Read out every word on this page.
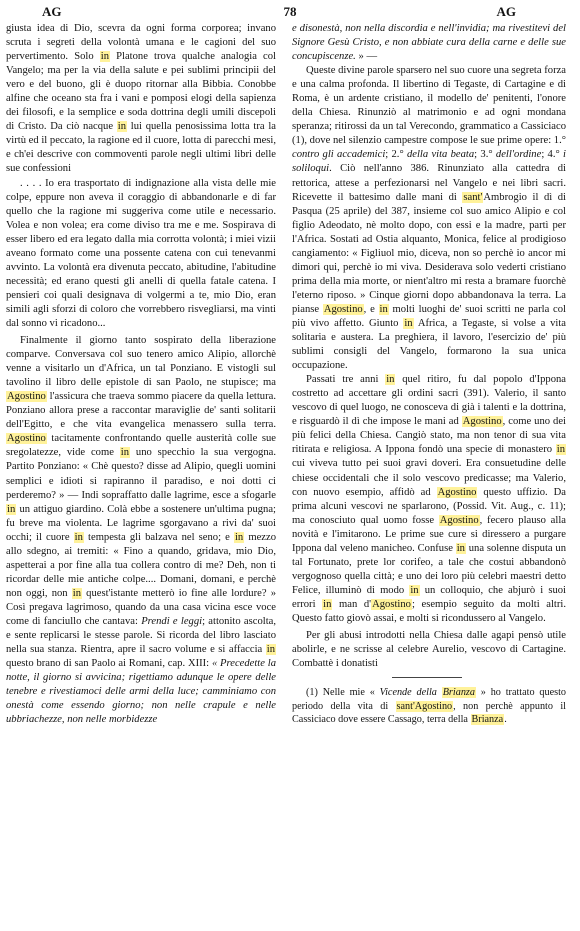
AG	78	AG

giusta idea di Dio, scevra da ogni forma corporea; invano scruta i segreti della volontà umana e le cagioni del suo pervertimento. Solo in Platone trova qualche analogia col Vangelo; ma per la via della salute e pei sublimi principii del vero e del buono, gli è duopo ritornar alla Bibbia. Conobbe alfine che oceano sta fra i vani e pomposi elogi della sapienza dei filosofi, e la semplice e soda dottrina degli umili discepoli di Cristo. Da ciò nacque in lui quella penosissima lotta tra la virtù ed il peccato, la ragione ed il cuore, lotta di parecchi mesi, e ch'ei descrive con commoventi parole negli ultimi libri delle sue confessioni

. . . . Io era trasportato di indignazione alla vista delle mie colpe, eppure non aveva il coraggio di abbandonarle e di far quello che la ragione mi suggeriva come utile e necessario. Volea e non volea; era come diviso tra me e me. Sospirava di esser libero ed era legato dalla mia corrotta volontà; i miei vizii aveano formato come una possente catena con cui tenevanmi avvinto. La volontà era divenuta peccato, abitudine, l'abitudine necessità; ed erano questi gli anelli di quella fatale catena. I pensieri coi quali designava di volgermi a te, mio Dio, eran simili agli sforzi di coloro che vorrebbero risvegliarsi, ma vinti dal sonno vi ricadono...

Finalmente il giorno tanto sospirato della liberazione comparve. Conversava col suo tenero amico Alipio, allorchè venne a visitarlo un d'Africa, un tal Ponziano. E vistogli sul tavolino il libro delle epistole di san Paolo, ne stupisce; ma Agostino l'assicura che traeva sommo piacere da quella lettura. Ponziano allora prese a raccontar maraviglie de' santi solitarii dell'Egitto, e che vita evangelica menassero sulla terra. Agostino tacitamente confrontando quelle austerità colle sue sregolatezze, vide come in uno specchio la sua vergogna. Partito Ponziano: « Chè questo? disse ad Alipio, quegli uomini semplici e idioti si rapiranno il paradiso, e noi dotti ci perderemo? » — Indi sopraffatto dalle lagrime, esce a sfogarle in un attiguo giardino. Colà ebbe a sostenere un'ultima pugna; fu breve ma violenta. Le lagrime sgorgavano a rivi da' suoi occhi; il cuore in tempesta gli balzava nel seno; e in mezzo allo sdegno, ai tremiti: « Fino a quando, gridava, mio Dio, aspetterai a por fine alla tua collera contro di me? Deh, non ti ricordar delle mie antiche colpe.... Domani, domani, e perchè non oggi, non in quest'istante metterò io fine alle lordure? » Così pregava lagrimoso, quando da una casa vicina esce voce come di fanciullo che cantava: Prendi e leggi; attonito ascolta, e sente replicarsi le stesse parole. Si ricorda del libro lasciato nella sua stanza. Rientra, apre il sacro volume e si affaccia in questo brano di san Paolo ai Romani, cap. XIII: « Precedette la notte, il giorno si avvicina; rigettiamo adunque le opere delle tenebre e rivestiamoci delle armi della luce; camminiamo con onestà come essendo giorno; non nelle crapule e nelle ubbriachezze, non nelle morbidezze

e disonestà, non nella discordia e nell'invidia; ma rivestitevi del Signore Gesù Cristo, e non abbiate cura della carne e delle sue concupiscenze. » —

Queste divine parole sparsero nel suo cuore una segreta forza e una calma profonda. Il libertino di Tegaste, di Cartagine e di Roma, è un ardente cristiano, il modello de' penitenti, l'onore della Chiesa. Rinunziò al matrimonio e ad ogni mondana speranza; ritirossi da un tal Verecondo, grammatico a Cassiciaco (1), dove nel silenzio campestre compose le sue prime opere: 1.° contro gli accademici; 2.° della vita beata; 3.° dell'ordine; 4.° i soliloqui. Ciò nell'anno 386. Rinunziato alla cattedra di rettorica, attese a perfezionarsi nel Vangelo e nei libri sacri. Ricevette il battesimo dalle mani di sant'Ambrogio il dì di Pasqua (25 aprile) del 387, insieme col suo amico Alipio e col figlio Adeodato, nè molto dopo, con essi e la madre, partì per l'Africa. Sostati ad Ostia alquanto, Monica, felice al prodigioso cangiamento: « Figliuol mio, diceva, non so perchè io ancor mi dimori qui, perchè io mi viva. Desiderava solo vederti cristiano prima della mia morte, or nient'altro mi resta a bramare fuorchè l'eterno riposo. » Cinque giorni dopo abbandonava la terra. La pianse Agostino, e in molti luoghi de' suoi scritti ne parla col più vivo affetto. Giunto in Africa, a Tegaste, si volse a vita solitaria e austera. La preghiera, il lavoro, l'esercizio de' più sublimi consigli del Vangelo, formarono la sua unica occupazione.

Passati tre anni in quel ritiro, fu dal popolo d'Ippona costretto ad accettare gli ordini sacri (391). Valerio, il santo vescovo di quel luogo, ne conosceva di già i talenti e la dottrina, e risguardò il dì che impose le mani ad Agostino, come uno dei più felici della Chiesa. Cangiò stato, ma non tenor di sua vita ritirata e religiosa. A Ippona fondò una specie di monastero in cui viveva tutto pei suoi gravi doveri. Era consuetudine delle chiese occidentali che il solo vescovo predicasse; ma Valerio, con nuovo esempio, affidò ad Agostino questo uffizio. Da prima alcuni vescovi ne sparlarono, (Possid. Vit. Aug., c. 11); ma conosciuto qual uomo fosse Agostino, fecero plauso alla novità e l'imitarono. Le prime sue cure si diressero a purgare Ippona dal veleno manicheo. Confuse in una solenne disputa un tal Fortunato, prete lor corifeo, a tale che costui abbandonò vergognoso quella città; e uno dei loro più celebri maestri detto Felice, illuminò di modo in un colloquio, che abjurò i suoi errori in man d'Agostino; esempio seguito da molti altri. Questo fatto giovò assai, e molti si ricondussero al Vangelo.

Per gli abusi introdotti nella Chiesa dalle agapi pensò utile abolirle, e ne scrisse al celebre Aurelio, vescovo di Cartagine. Combattè i donatisti

(1) Nelle mie « Vicende della Brianza » ho trattato questo periodo della vita di sant'Agostino, non perchè appunto il Cassiciaco dove essere Cassago, terra della Brianza.
